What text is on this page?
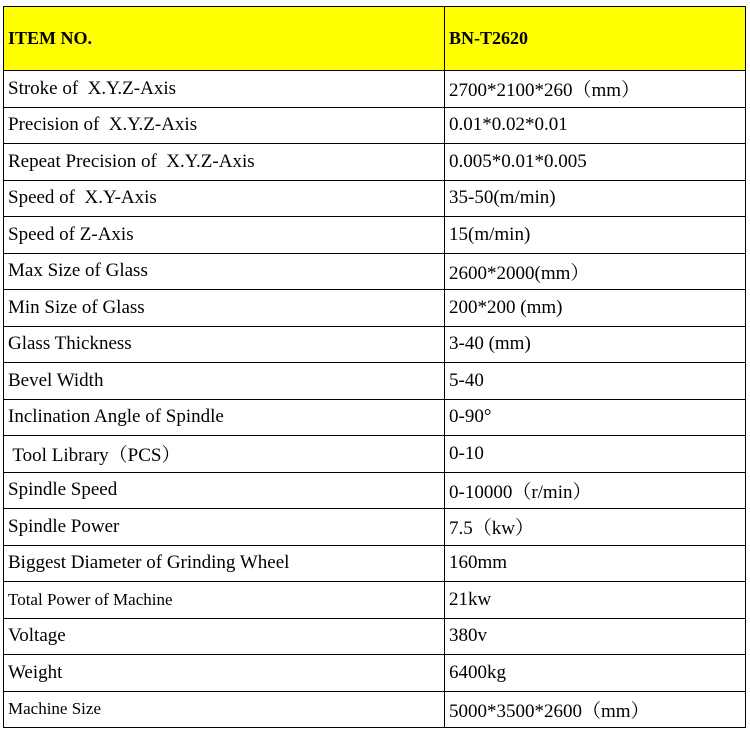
ITEM NO.	BN-T2620
Stroke of  X.Y.Z-Axis	2700*2100*260（mm）
Precision of  X.Y.Z-Axis	0.01*0.02*0.01
Repeat Precision of  X.Y.Z-Axis	0.005*0.01*0.005
Speed of  X.Y-Axis	35-50(m/min)
Speed of Z-Axis	15(m/min)
Max Size of Glass	2600*2000(mm）
Min Size of Glass	200*200 (mm)
Glass Thickness	3-40 (mm)
Bevel Width	5-40
Inclination Angle of Spindle	0-90°
Tool Library（PCS）	0-10
Spindle Speed	0-10000（r/min）
Spindle Power	7.5（kw）
Biggest Diameter of Grinding Wheel	160mm
Total Power of Machine	21kw
Voltage	380v
Weight	6400kg
Machine Size	5000*3500*2600（mm）
